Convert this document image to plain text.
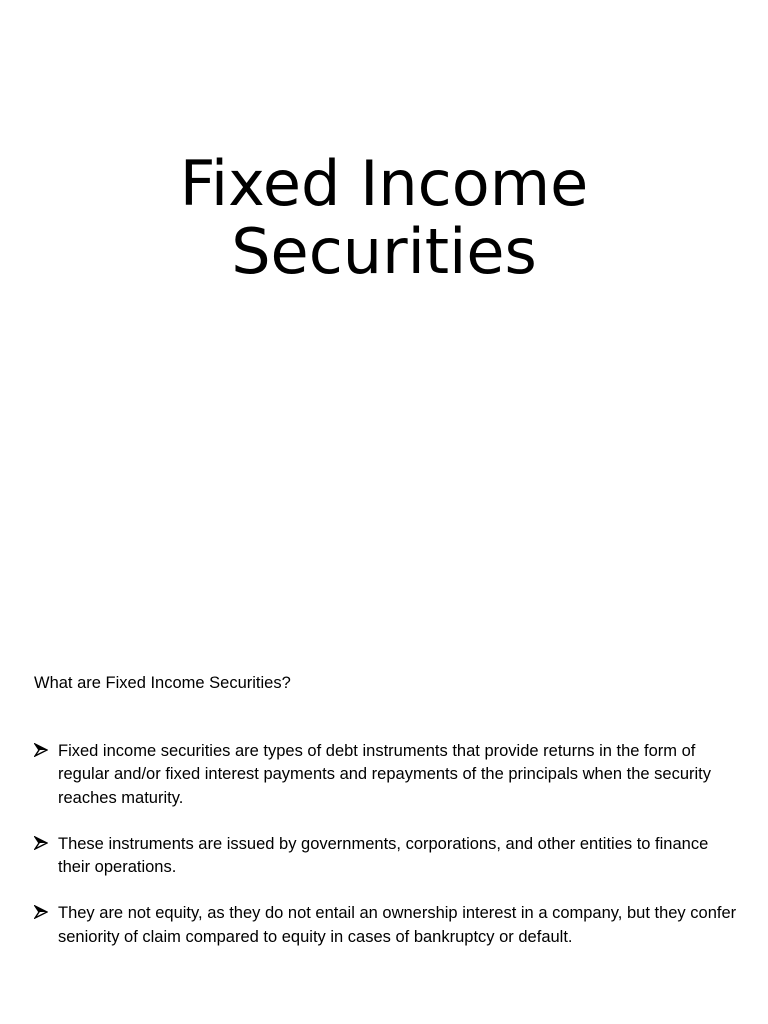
Fixed Income
Securities

What are Fixed Income Securities?

Fixed income securities are types of debt instruments that provide returns in the form of regular and/or fixed interest payments and repayments of the principals when the security reaches maturity.
These instruments are issued by governments, corporations, and other entities to finance their operations.
They are not equity, as they do not entail an ownership interest in a company, but they confer seniority of claim compared to equity in cases of bankruptcy or default.
